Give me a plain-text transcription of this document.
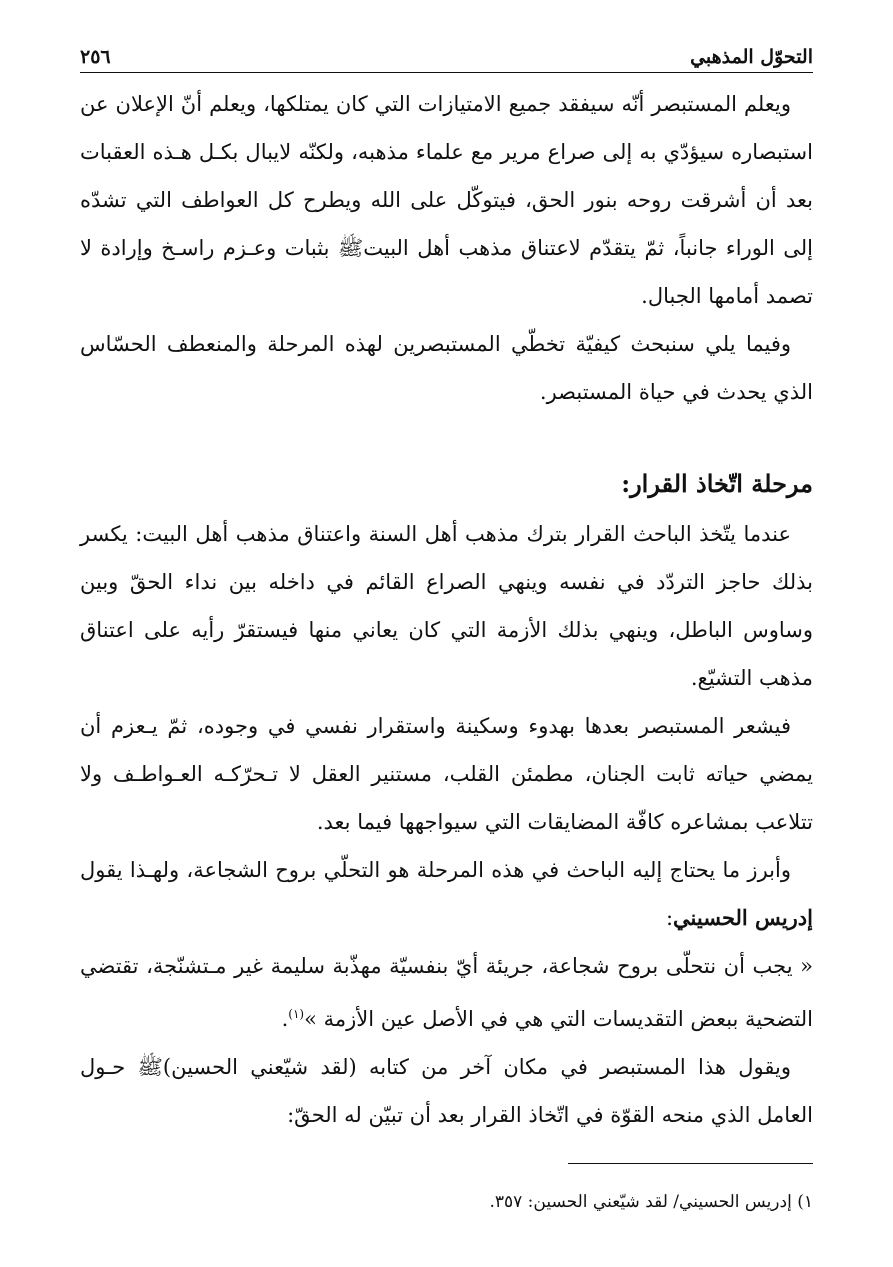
التحوّل المذهبي
٢٥٦

ويعلم المستبصر أنّه سيفقد جميع الامتيازات التي كان يمتلكها، ويعلم أنّ الإعلان عن استبصاره سيؤدّي به إلى صراع مرير مع علماء مذهبه، ولكنّه لايبال بكـل هـذه العقبات بعد أن أشرقت روحه بنور الحق، فيتوكّل على الله ويطرح كل العواطف التي تشدّه إلى الوراء جانباً، ثمّ يتقدّم لاعتناق مذهب أهل البيتﷺ بثبات وعـزم راسـخ وإرادة لا تصمد أمامها الجبال.

وفيما يلي سنبحث كيفيّة تخطّي المستبصرين لهذه المرحلة والمنعطف الحسّاس الذي يحدث في حياة المستبصر.

مرحلة اتّخاذ القرار:

عندما يتّخذ الباحث القرار بترك مذهب أهل السنة واعتناق مذهب أهل البيت: يكسر بذلك حاجز التردّد في نفسه وينهي الصراع القائم في داخله بين نداء الحقّ وبين وساوس الباطل، وينهي بذلك الأزمة التي كان يعاني منها فيستقرّ رأيه على اعتناق مذهب التشيّع.

فيشعر المستبصر بعدها بهدوء وسكينة واستقرار نفسي في وجوده، ثمّ يـعزم أن يمضي حياته ثابت الجنان، مطمئن القلب، مستنير العقل لا تـحرّكـه العـواطـف ولا تتلاعب بمشاعره كافّة المضايقات التي سيواجهها فيما بعد.

وأبرز ما يحتاج إليه الباحث في هذه المرحلة هو التحلّي بروح الشجاعة، ولهـذا يقول إدريس الحسيني:

« يجب أن نتحلّى بروح شجاعة، جريئة أيّ بنفسيّة مهذّبة سليمة غير مـتشنّجة، تقتضي التضحية ببعض التقديسات التي هي في الأصل عين الأزمة »$^{(١)}$.

ويقول هذا المستبصر في مكان آخر من كتابه (لقد شيّعني الحسين)ﷺ حـول العامل الذي منحه القوّة في اتّخاذ القرار بعد أن تبيّن له الحقّ:

١) إدريس الحسيني/ لقد شيّعني الحسين: ٣٥٧.
